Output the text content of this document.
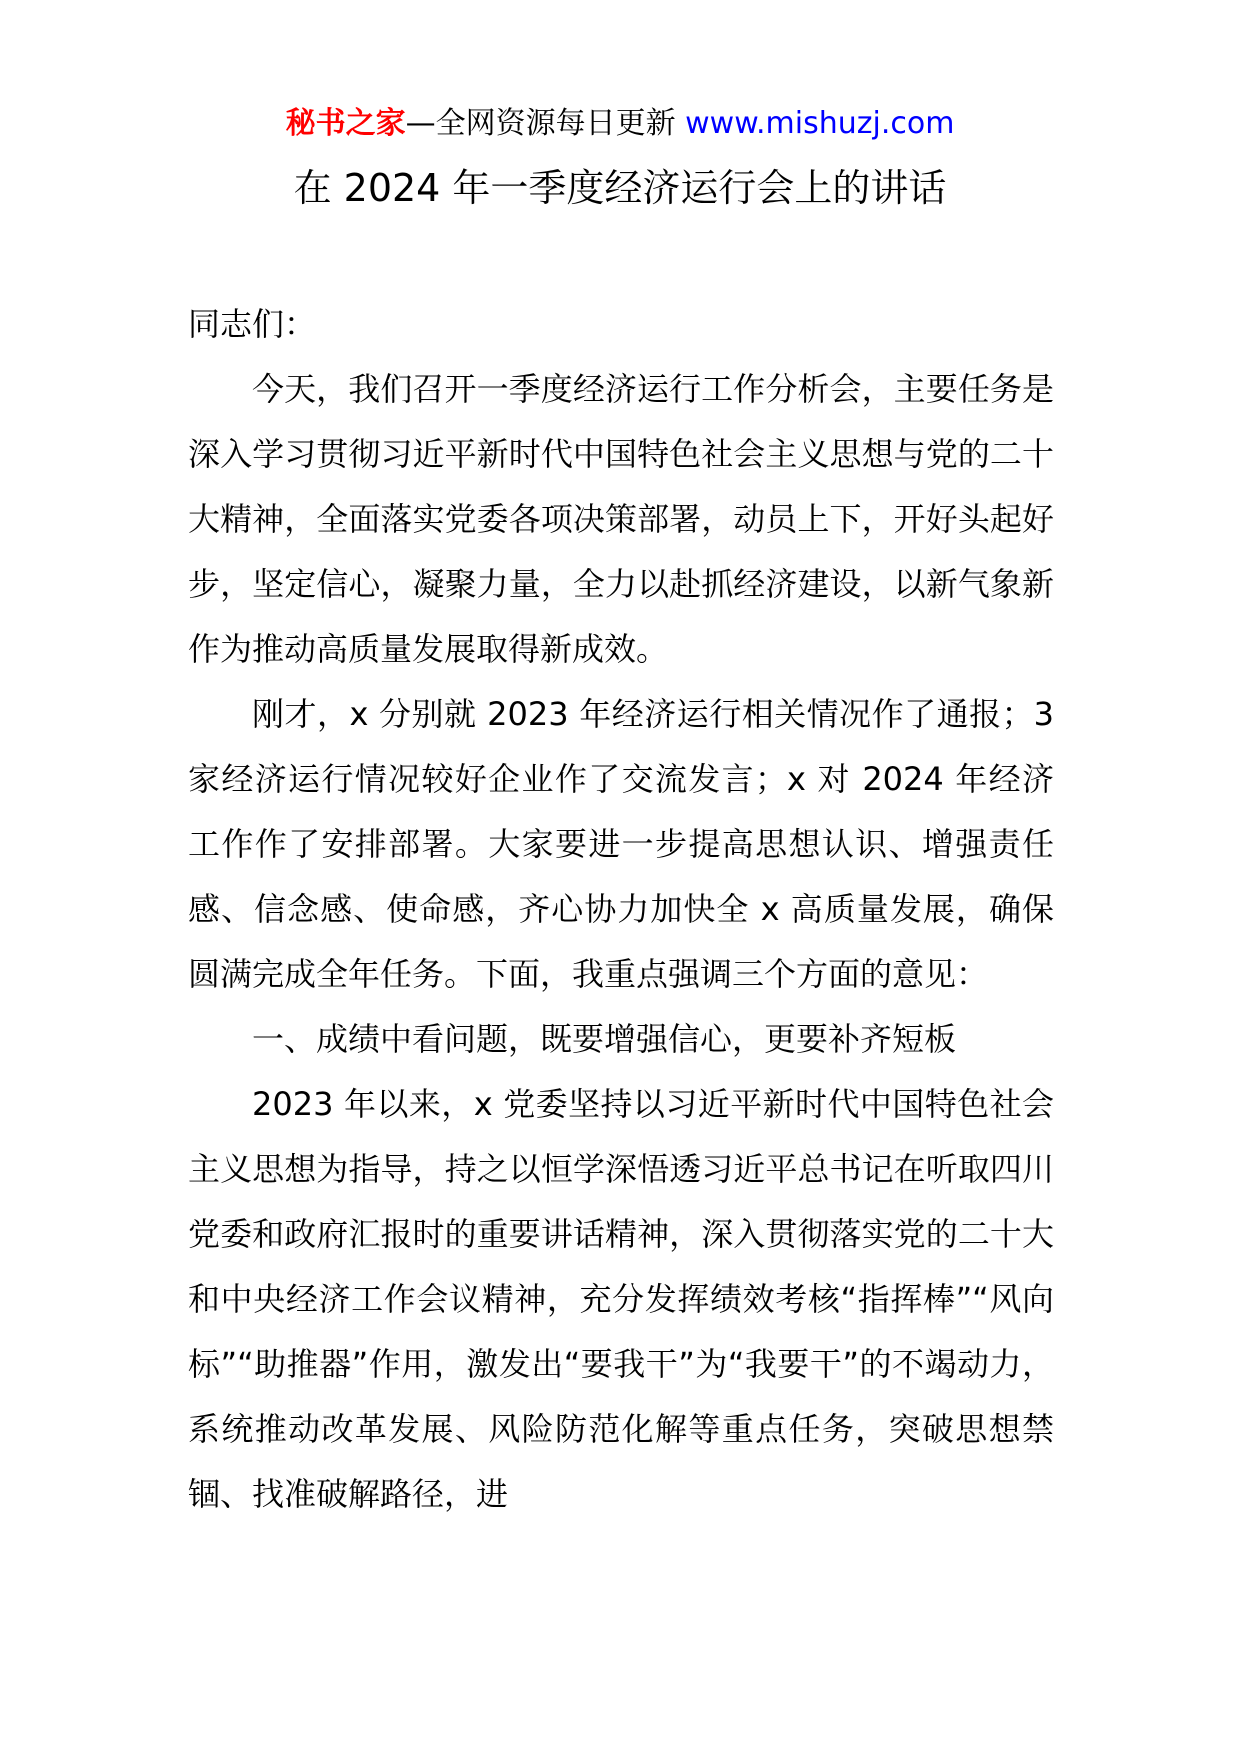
秘书之家—全网资源每日更新 www.mishuzj.com
在 2024 年一季度经济运行会上的讲话

同志们：

今天，我们召开一季度经济运行工作分析会，主要任务是深入学习贯彻习近平新时代中国特色社会主义思想与党的二十大精神，全面落实党委各项决策部署，动员上下，开好头起好步，坚定信心，凝聚力量，全力以赴抓经济建设，以新气象新作为推动高质量发展取得新成效。

刚才，x 分别就 2023 年经济运行相关情况作了通报；3 家经济运行情况较好企业作了交流发言；x 对 2024 年经济工作作了安排部署。大家要进一步提高思想认识、增强责任感、信念感、使命感，齐心协力加快全 x 高质量发展，确保圆满完成全年任务。下面，我重点强调三个方面的意见：

一、成绩中看问题，既要增强信心，更要补齐短板

2023 年以来，x 党委坚持以习近平新时代中国特色社会主义思想为指导，持之以恒学深悟透习近平总书记在听取四川党委和政府汇报时的重要讲话精神，深入贯彻落实党的二十大和中央经济工作会议精神，充分发挥绩效考核“指挥棒”“风向标”“助推器”作用，激发出“要我干”为“我要干”的不竭动力，系统推动改革发展、风险防范化解等重点任务，突破思想禁锢、找准破解路径，进
